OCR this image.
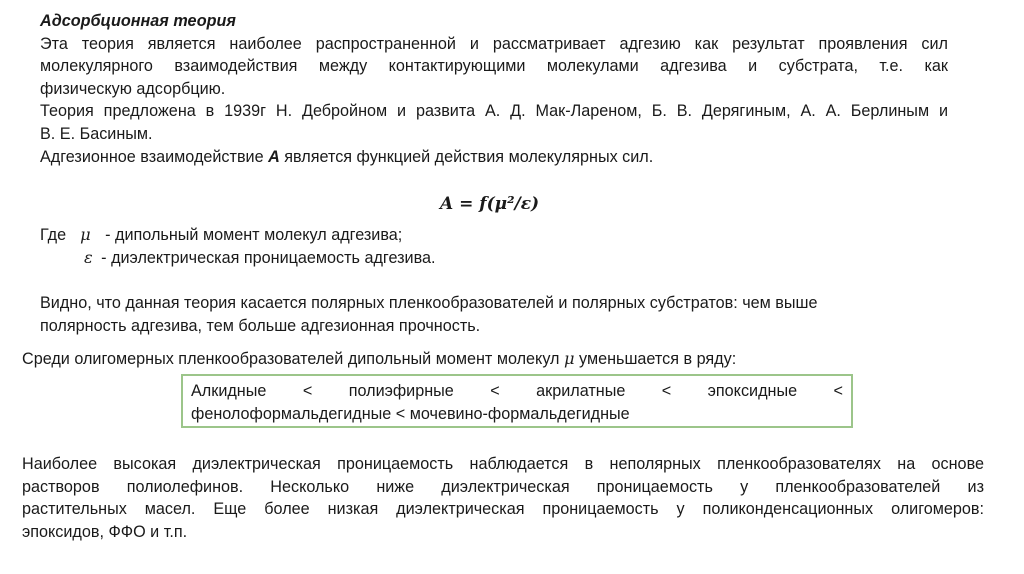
Адсорбционная теория
Эта теория является наиболее распространенной и рассматривает адгезию как результат проявления сил
молекулярного взаимодействия между контактирующими молекулами адгезива и субстрата, т.е. как
физическую адсорбцию.
Теория предложена в 1939г Н. Дебройном и развита А. Д. Мак-Лареном, Б. В. Дерягиным, А. А. Берлиным и
В. Е. Басиным.
Адгезионное взаимодействие A является функцией действия молекулярных сил.
A = f(μ²/ε)
Где μ - дипольный момент молекул адгезива;
ε - диэлектрическая проницаемость адгезива.
Видно, что данная теория касается полярных пленкообразователей и полярных субстратов: чем выше
полярность адгезива, тем больше адгезионная прочность.
Среди олигомерных пленкообразователей дипольный момент молекул μ уменьшается в ряду:
Алкидные < полиэфирные < акрилатные < эпоксидные <
фенолоформальдегидные < мочевино-формальдегидные
Наиболее высокая диэлектрическая проницаемость наблюдается в неполярных пленкообразователях на основе
растворов полиолефинов. Несколько ниже диэлектрическая проницаемость у пленкообразователей из
растительных масел. Еще более низкая диэлектрическая проницаемость у поликонденсационных олигомеров:
эпоксидов, ФФО и т.п.
